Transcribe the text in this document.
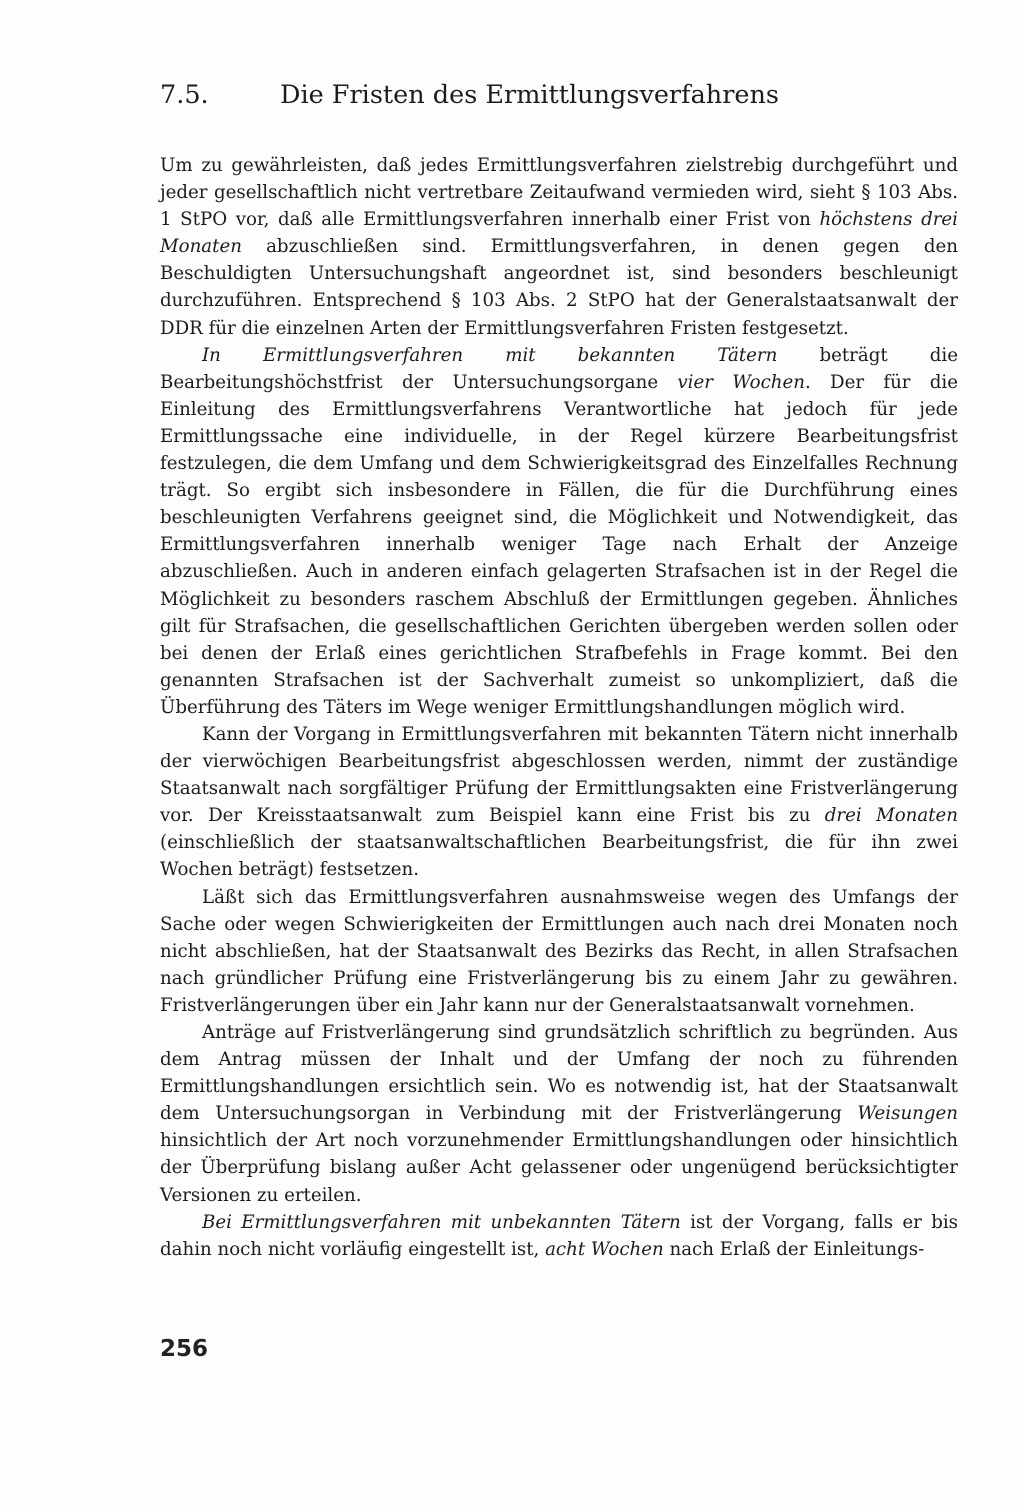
7.5.	Die Fristen des Ermittlungsverfahrens

Um zu gewährleisten, daß jedes Ermittlungsverfahren zielstrebig durchgeführt und jeder gesellschaftlich nicht vertretbare Zeitaufwand vermieden wird, sieht § 103 Abs. 1 StPO vor, daß alle Ermittlungsverfahren innerhalb einer Frist von höchstens drei Monaten abzuschließen sind. Ermittlungsverfahren, in denen gegen den Beschuldigten Untersuchungshaft angeordnet ist, sind besonders beschleunigt durchzuführen. Entsprechend § 103 Abs. 2 StPO hat der Generalstaatsanwalt der DDR für die einzelnen Arten der Ermittlungsverfahren Fristen festgesetzt.

In Ermittlungsverfahren mit bekannten Tätern beträgt die Bearbeitungshöchstfrist der Untersuchungsorgane vier Wochen. Der für die Einleitung des Ermittlungsverfahrens Verantwortliche hat jedoch für jede Ermittlungssache eine individuelle, in der Regel kürzere Bearbeitungsfrist festzulegen, die dem Umfang und dem Schwierigkeitsgrad des Einzelfalles Rechnung trägt. So ergibt sich insbesondere in Fällen, die für die Durchführung eines beschleunigten Verfahrens geeignet sind, die Möglichkeit und Notwendigkeit, das Ermittlungsverfahren innerhalb weniger Tage nach Erhalt der Anzeige abzuschließen. Auch in anderen einfach gelagerten Strafsachen ist in der Regel die Möglichkeit zu besonders raschem Abschluß der Ermittlungen gegeben. Ähnliches gilt für Strafsachen, die gesellschaftlichen Gerichten übergeben werden sollen oder bei denen der Erlaß eines gerichtlichen Strafbefehls in Frage kommt. Bei den genannten Strafsachen ist der Sachverhalt zumeist so unkompliziert, daß die Überführung des Täters im Wege weniger Ermittlungshandlungen möglich wird.

Kann der Vorgang in Ermittlungsverfahren mit bekannten Tätern nicht innerhalb der vierwöchigen Bearbeitungsfrist abgeschlossen werden, nimmt der zuständige Staatsanwalt nach sorgfältiger Prüfung der Ermittlungsakten eine Fristverlängerung vor. Der Kreisstaatsanwalt zum Beispiel kann eine Frist bis zu drei Monaten (einschließlich der staatsanwaltschaftlichen Bearbeitungsfrist, die für ihn zwei Wochen beträgt) festsetzen.

Läßt sich das Ermittlungsverfahren ausnahmsweise wegen des Umfangs der Sache oder wegen Schwierigkeiten der Ermittlungen auch nach drei Monaten noch nicht abschließen, hat der Staatsanwalt des Bezirks das Recht, in allen Strafsachen nach gründlicher Prüfung eine Fristverlängerung bis zu einem Jahr zu gewähren. Fristverlängerungen über ein Jahr kann nur der Generalstaatsanwalt vornehmen.

Anträge auf Fristverlängerung sind grundsätzlich schriftlich zu begründen. Aus dem Antrag müssen der Inhalt und der Umfang der noch zu führenden Ermittlungshandlungen ersichtlich sein. Wo es notwendig ist, hat der Staatsanwalt dem Untersuchungsorgan in Verbindung mit der Fristverlängerung Weisungen hinsichtlich der Art noch vorzunehmender Ermittlungshandlungen oder hinsichtlich der Überprüfung bislang außer Acht gelassener oder ungenügend berücksichtigter Versionen zu erteilen.

Bei Ermittlungsverfahren mit unbekannten Tätern ist der Vorgang, falls er bis dahin noch nicht vorläufig eingestellt ist, acht Wochen nach Erlaß der Einleitungs-

256
